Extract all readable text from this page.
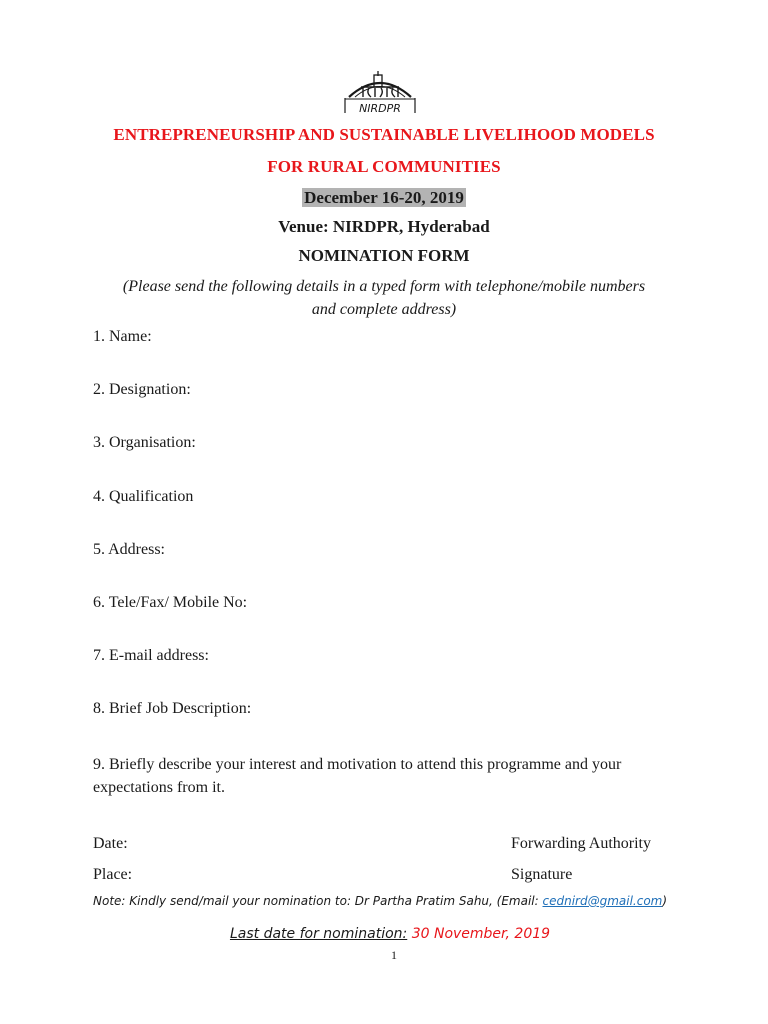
NIRDPR
ENTREPRENEURSHIP AND SUSTAINABLE LIVELIHOOD MODELS
FOR RURAL COMMUNITIES
December 16-20, 2019
Venue: NIRDPR, Hyderabad
NOMINATION FORM
(Please send the following details in a typed form with telephone/mobile numbers
and complete address)
1. Name:
2. Designation:
3. Organisation:
4. Qualification
5. Address:
6. Tele/Fax/ Mobile No:
7. E-mail address:
8. Brief Job Description:
9. Briefly describe your interest and motivation to attend this programme and your
expectations from it.
Date:
Place:
Forwarding Authority
Signature
Note: Kindly send/mail your nomination to: Dr Partha Pratim Sahu, (Email: cednird@gmail.com)
Last date for nomination: 30 November, 2019
1
